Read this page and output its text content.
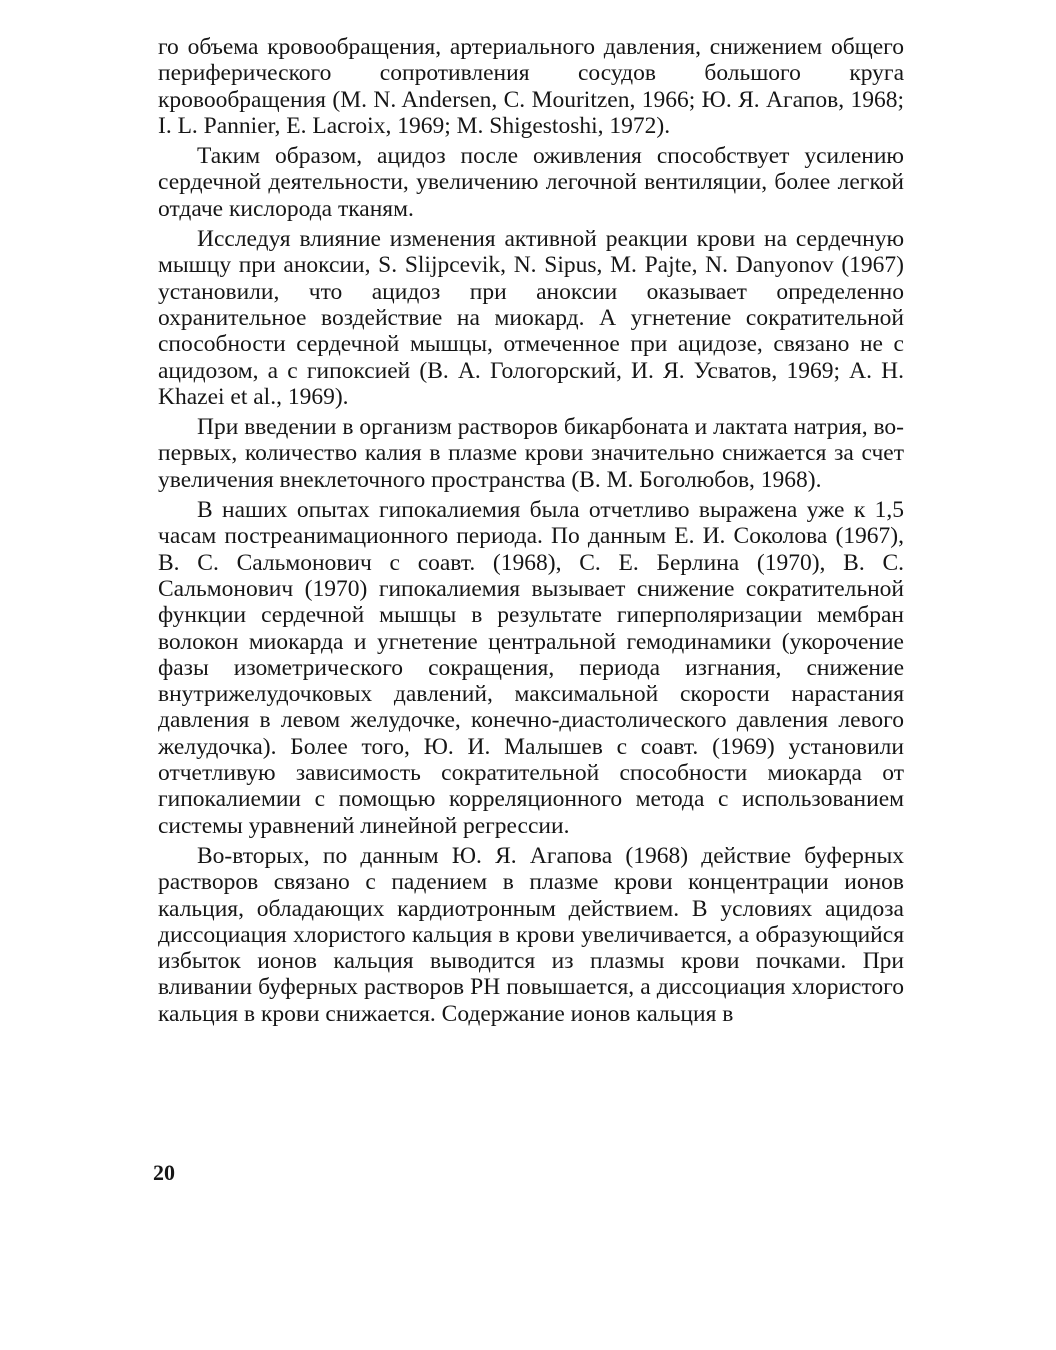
го объема кровообращения, артериального давления, снижением общего периферического сопротивления сосудов большого круга кровообращения (M. N. Andersen, C. Mouritzen, 1966; Ю. Я. Агапов, 1968; I. L. Pannier, E. Lacroix, 1969; M. Shigestoshi, 1972).

Таким образом, ацидоз после оживления способствует усилению сердечной деятельности, увеличению легочной вентиляции, более легкой отдаче кислорода тканям.

Исследуя влияние изменения активной реакции крови на сердечную мышцу при аноксии, S. Slijpcevik, N. Sipus, M. Pajte, N. Danyonov (1967) установили, что ацидоз при аноксии оказывает определенно охранительное воздействие на миокард. А угнетение сократительной способности сердечной мышцы, отмеченное при ацидозе, связано не с ацидозом, а с гипоксией (В. А. Гологорский, И. Я. Усватов, 1969; A. H. Khazei et al., 1969).

При введении в организм растворов бикарбоната и лактата натрия, во-первых, количество калия в плазме крови значительно снижается за счет увеличения внеклеточного пространства (В. М. Боголюбов, 1968).

В наших опытах гипокалиемия была отчетливо выражена уже к 1,5 часам постреанимационного периода. По данным Е. И. Соколова (1967), В. С. Сальмонович с соавт. (1968), С. Е. Берлина (1970), В. С. Сальмонович (1970) гипокалиемия вызывает снижение сократительной функции сердечной мышцы в результате гиперполяризации мембран волокон миокарда и угнетение центральной гемодинамики (укорочение фазы изометрического сокращения, периода изгнания, снижение внутрижелудочковых давлений, максимальной скорости нарастания давления в левом желудочке, конечно-диастолического давления левого желудочка). Более того, Ю. И. Малышев с соавт. (1969) установили отчетливую зависимость сократительной способности миокарда от гипокалиемии с помощью корреляционного метода с использованием системы уравнений линейной регрессии.

Во-вторых, по данным Ю. Я. Агапова (1968) действие буферных растворов связано с падением в плазме крови концентрации ионов кальция, обладающих кардиотронным действием. В условиях ацидоза диссоциация хлористого кальция в крови увеличивается, а образующийся избыток ионов кальция выводится из плазмы крови почками. При вливании буферных растворов PH повышается, а диссоциация хлористого кальция в крови снижается. Содержание ионов кальция в

20
